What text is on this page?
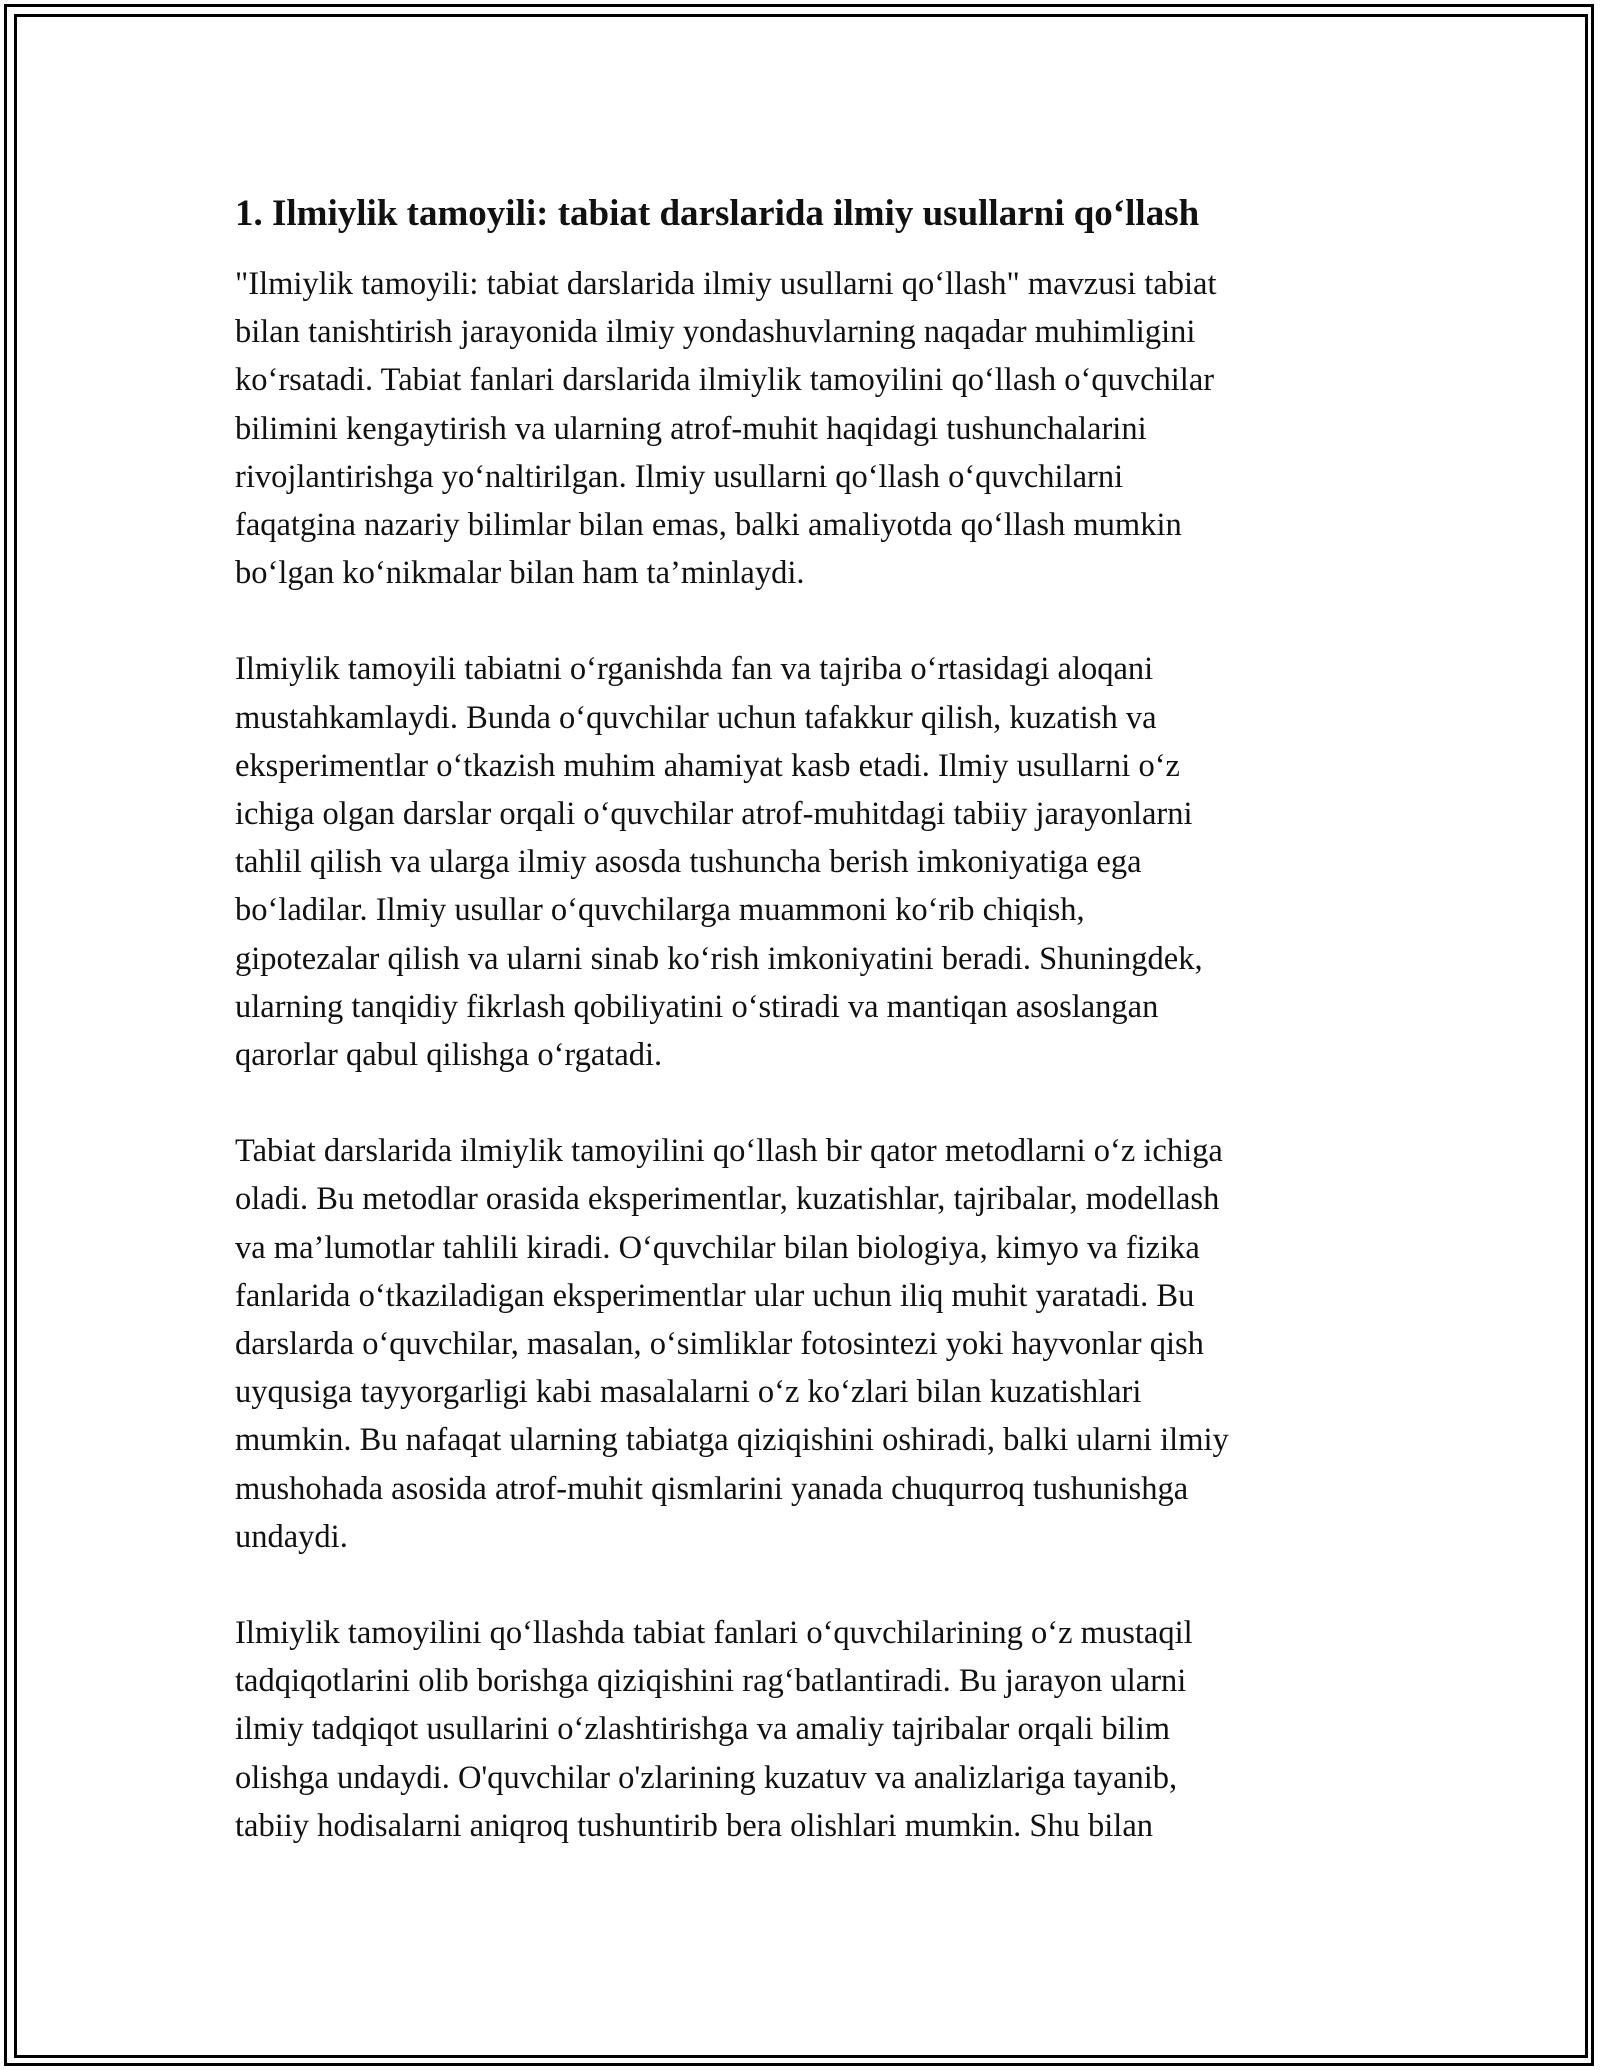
1. Ilmiylik tamoyili: tabiat darslarida ilmiy usullarni qo‘llash

"Ilmiylik tamoyili: tabiat darslarida ilmiy usullarni qo‘llash" mavzusi tabiat
bilan tanishtirish jarayonida ilmiy yondashuvlarning naqadar muhimligini
ko‘rsatadi. Tabiat fanlari darslarida ilmiylik tamoyilini qo‘llash o‘quvchilar
bilimini kengaytirish va ularning atrof-muhit haqidagi tushunchalarini
rivojlantirishga yo‘naltirilgan. Ilmiy usullarni qo‘llash o‘quvchilarni
faqatgina nazariy bilimlar bilan emas, balki amaliyotda qo‘llash mumkin
bo‘lgan ko‘nikmalar bilan ham ta’minlaydi.

Ilmiylik tamoyili tabiatni o‘rganishda fan va tajriba o‘rtasidagi aloqani
mustahkamlaydi. Bunda o‘quvchilar uchun tafakkur qilish, kuzatish va
eksperimentlar o‘tkazish muhim ahamiyat kasb etadi. Ilmiy usullarni o‘z
ichiga olgan darslar orqali o‘quvchilar atrof-muhitdagi tabiiy jarayonlarni
tahlil qilish va ularga ilmiy asosda tushuncha berish imkoniyatiga ega
bo‘ladilar. Ilmiy usullar o‘quvchilarga muammoni ko‘rib chiqish,
gipotezalar qilish va ularni sinab ko‘rish imkoniyatini beradi. Shuningdek,
ularning tanqidiy fikrlash qobiliyatini o‘stiradi va mantiqan asoslangan
qarorlar qabul qilishga o‘rgatadi.

Tabiat darslarida ilmiylik tamoyilini qo‘llash bir qator metodlarni o‘z ichiga
oladi. Bu metodlar orasida eksperimentlar, kuzatishlar, tajribalar, modellash
va ma’lumotlar tahlili kiradi. O‘quvchilar bilan biologiya, kimyo va fizika
fanlarida o‘tkaziladigan eksperimentlar ular uchun iliq muhit yaratadi. Bu
darslarda o‘quvchilar, masalan, o‘simliklar fotosintezi yoki hayvonlar qish
uyqusiga tayyorgarligi kabi masalalarni o‘z ko‘zlari bilan kuzatishlari
mumkin. Bu nafaqat ularning tabiatga qiziqishini oshiradi, balki ularni ilmiy
mushohada asosida atrof-muhit qismlarini yanada chuqurroq tushunishga
undaydi.

Ilmiylik tamoyilini qo‘llashda tabiat fanlari o‘quvchilarining o‘z mustaqil
tadqiqotlarini olib borishga qiziqishini rag‘batlantiradi. Bu jarayon ularni
ilmiy tadqiqot usullarini o‘zlashtirishga va amaliy tajribalar orqali bilim
olishga undaydi. O'quvchilar o'zlarining kuzatuv va analizlariga tayanib,
tabiiy hodisalarni aniqroq tushuntirib bera olishlari mumkin. Shu bilan
